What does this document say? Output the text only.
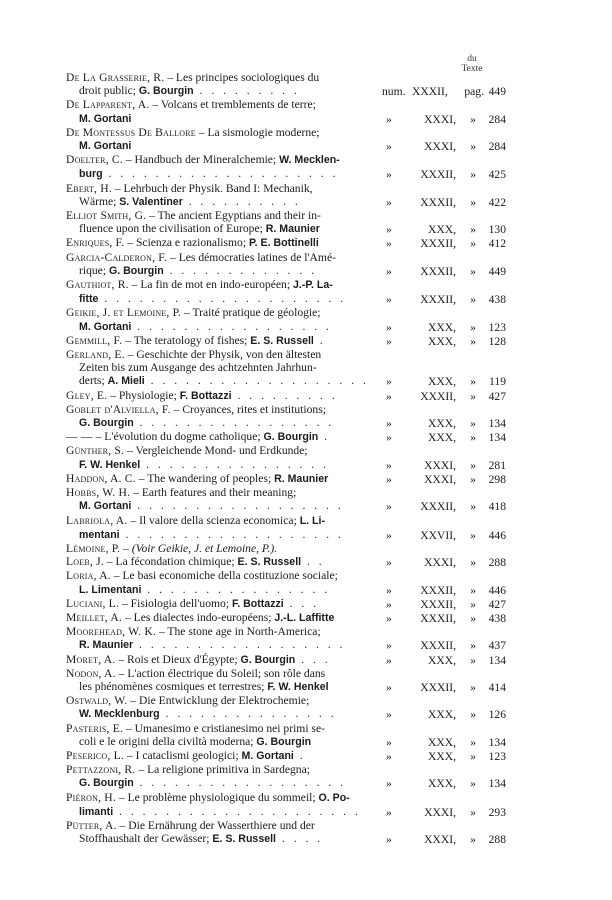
du
Texte
De La Grasserie, R. – Les principes sociologiques du
droit public; G. Bourgin . . . . . . . . .	num. XXXII, pag. 449
De Lapparent, A. – Volcans et tremblements de terre;
M. Gortani	»	XXXI, » 284
De Montessus De Ballore – La sismologie moderne;
M. Gortani	»	XXXI, » 284
Doelter, C. – Handbuch der Mineralchemie; W. Mecklen-
burg . . . . . . . . . . . . . . . . . . . .	» XXXII, » 425
Ebert, H. – Lehrbuch der Physik. Band I: Mechanik,
Wärme; S. Valentiner . . . . . . . . . .	» XXXII, » 422
Elliot Smith, G. – The ancient Egyptians and their in-
fluence upon the civilisation of Europe; R. Maunier	»	XXX, » 130
Enriques, F. – Scienza e razionalismo; P. E. Bottinelli	» XXXII, » 412
Garcia-Calderon, F. – Les démocraties latines de l'Amé-
rique; G. Bourgin . . . . . . . . . . . . .	» XXXII, » 449
Gauthiot, R. – La fin de mot en indo-européen; J.-P. La-
fitte . . . . . . . . . . . . . . . . . . . . .	» XXXII, » 438
Geikie, J. et Lemoine, P. – Traité pratique de géologie;
M. Gortani . . . . . . . . . . . . . . . . .	»	XXX, » 123
Gemmill, F. – The teratology of fishes; E. S. Russell .	»	XXX, » 128
Gerland, E. – Geschichte der Physik, von den ältesten
Zeiten bis zum Ausgange des achtzehnten Jahrhun-
derts; A. Mieli . . . . . . . . . . . . . . . . . . .	»	XXX, » 119
Gley, E. – Physiologie; F. Bottazzi . . . . . . . . .	» XXXII, » 427
Goblet d'Alviella, F. – Croyances, rites et institutions;
G. Bourgin . . . . . . . . . . . . . . . . .	»	XXX, » 134
— — – L'évolution du dogme catholique; G. Bourgin .	»	XXX, » 134
Günther, S. – Vergleichende Mond- und Erdkunde;
F. W. Henkel . . . . . . . . . . . . . . . .	»	XXXI, » 281
Haddon, A. C. – The wandering of peoples; R. Maunier	»	XXXI, » 298
Hobbs, W. H. – Earth features and their meaning;
M. Gortani . . . . . . . . . . . . . . . . . .	» XXXII, » 418
Labriola, A. – Il valore della scienza economica; L. Li-
mentani . . . . . . . . . . . . . . . . . . .	» XXVII, » 446
Lémoine, P. – (Voir Geikie, J. et Lemoine, P.).
Loeb, J. – La fécondation chimique; E. S. Russell . .	»	XXXI, » 288
Loria, A. – Le basi economiche della costituzione sociale;
L. Limentani . . . . . . . . . . . . . . . .	» XXXII, » 446
Luciani, L. – Fisiologia dell'uomo; F. Bottazzi . . .	» XXXII, » 427
Meillet, A. – Les dialectes indo-européens; J.-L. Laffitte	» XXXII, » 438
Moorehead, W. K. – The stone age in North-America;
R. Maunier . . . . . . . . . . . . . . . . . .	» XXXII, » 437
Moret, A. – Rois et Dieux d'Égypte; G. Bourgin . . .	»	XXX, » 134
Nodon, A. – L'action électrique du Soleil; son rôle dans
les phénomènes cosmiques et terrestres; F. W. Henkel	» XXXII, » 414
Ostwald, W. – Die Entwicklung der Elektrochemie;
W. Mecklenburg . . . . . . . . . . . . . . .	»	XXX, » 126
Pasteris, E. – Umanesimo e cristianesimo nei primi se-
coli e le origini della civiltà moderna; G. Bourgin	»	XXX, » 134
Peserico, L. – I cataclismi geologici; M. Gortani .	»	XXX, » 123
Pettazzoni, R. – La religione primitiva in Sardegna;
G. Bourgin . . . . . . . . . . . . . . . . . .	»	XXX, » 134
Piéron, H. – Le problème physiologique du sommeil; O. Po-
limanti . . . . . . . . . . . . . . . . . . . . .	»	XXXI, » 293
Pütter, A. – Die Ernährung der Wasserthiere und der
Stoffhaushalt der Gewässer; E. S. Russell . . . .	»	XXXI, » 288
